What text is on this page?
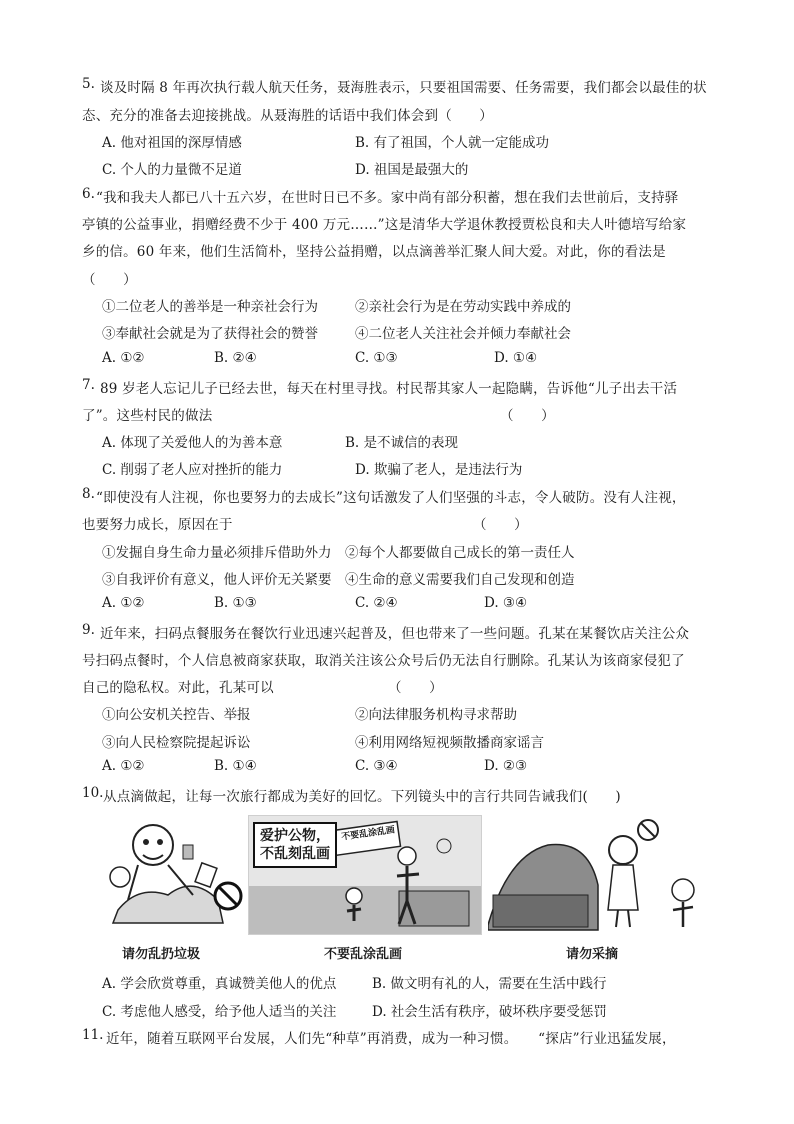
5. 谈及时隔 8 年再次执行载人航天任务，聂海胜表示，只要祖国需要、任务需要，我们都会以最佳的状
态、充分的准备去迎接挑战。从聂海胜的话语中我们体会到（　　）
A. 他对祖国的深厚情感	B. 有了祖国，个人就一定能成功
C. 个人的力量微不足道	D. 祖国是最强大的
6. “我和我夫人都已八十五六岁，在世时日已不多。家中尚有部分积蓄，想在我们去世前后，支持驿
亭镇的公益事业，捐赠经费不少于 400 万元……”这是清华大学退休教授贾松良和夫人叶德培写给家
乡的信。60 年来，他们生活简朴，坚持公益捐赠，以点滴善举汇聚人间大爱。对此，你的看法是
（　　）
①二位老人的善举是一种亲社会行为	②亲社会行为是在劳动实践中养成的
③奉献社会就是为了获得社会的赞誉	④二位老人关注社会并倾力奉献社会
A. ①②	B. ②④	C. ①③	D. ①④
7. 89 岁老人忘记儿子已经去世，每天在村里寻找。村民帮其家人一起隐瞒，告诉他“儿子出去干活
了”。这些村民的做法	（　　）
A. 体现了关爱他人的为善本意	B. 是不诚信的表现
C. 削弱了老人应对挫折的能力	D. 欺骗了老人，是违法行为
8. “即使没有人注视，你也要努力的去成长”这句话激发了人们坚强的斗志，令人破防。没有人注视，
也要努力成长，原因在于	（　　）
①发掘自身生命力量必须排斥借助外力 ②每个人都要做自己成长的第一责任人
③自我评价有意义，他人评价无关紧要 ④生命的意义需要我们自己发现和创造
A. ①②	B. ①③	C. ②④	D. ③④
9. 近年来，扫码点餐服务在餐饮行业迅速兴起普及，但也带来了一些问题。孔某在某餐饮店关注公众
号扫码点餐时，个人信息被商家获取，取消关注该公众号后仍无法自行删除。孔某认为该商家侵犯了
自己的隐私权。对此，孔某可以	（　　）
①向公安机关控告、举报	②向法律服务机构寻求帮助
③向人民检察院提起诉讼	④利用网络短视频散播商家谣言
A. ①②	B. ①④	C. ③④	D. ②③
10. 从点滴做起，让每一次旅行都成为美好的回忆。下列镜头中的言行共同告诫我们(　　)
爱护公物，
不乱刻乱画
不要乱涂乱画
请勿乱扔垃圾	不要乱涂乱画	请勿采摘
A. 学会欣赏尊重，真诚赞美他人的优点	B. 做文明有礼的人，需要在生活中践行
C. 考虑他人感受，给予他人适当的关注	D. 社会生活有秩序，破坏秩序要受惩罚
11. 近年，随着互联网平台发展，人们先“种草”再消费，成为一种习惯。　　“探店”行业迅猛发展，
